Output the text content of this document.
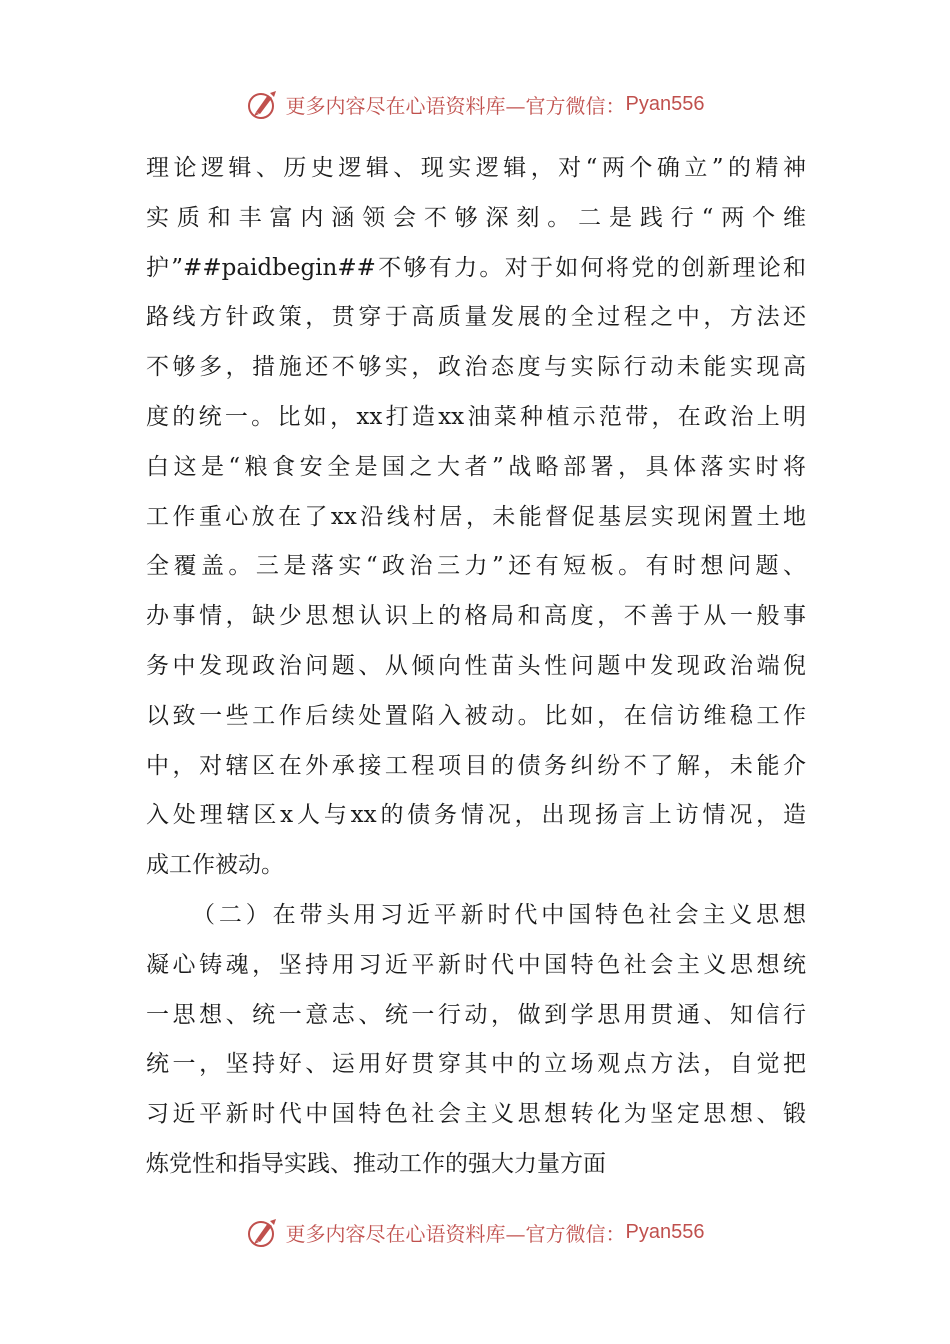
更多内容尽在心语资料库—官方微信： Pyan556
理论逻辑、历史逻辑、现实逻辑，对“两个确立”的精神
实质和丰富内涵领会不够深刻。二是践行“两个维
护”##paidbegin##不够有力。对于如何将党的创新理论和
路线方针政策，贯穿于高质量发展的全过程之中，方法还
不够多，措施还不够实，政治态度与实际行动未能实现高
度的统一。比如，xx打造xx油菜种植示范带，在政治上明
白这是“粮食安全是国之大者”战略部署，具体落实时将
工作重心放在了xx沿线村居，未能督促基层实现闲置土地
全覆盖。三是落实“政治三力”还有短板。有时想问题、
办事情，缺少思想认识上的格局和高度，不善于从一般事
务中发现政治问题、从倾向性苗头性问题中发现政治端倪
以致一些工作后续处置陷入被动。比如，在信访维稳工作
中，对辖区在外承接工程项目的债务纠纷不了解，未能介
入处理辖区x人与xx的债务情况，出现扬言上访情况，造
成工作被动。
（二）在带头用习近平新时代中国特色社会主义思想
凝心铸魂，坚持用习近平新时代中国特色社会主义思想统
一思想、统一意志、统一行动，做到学思用贯通、知信行
统一，坚持好、运用好贯穿其中的立场观点方法，自觉把
习近平新时代中国特色社会主义思想转化为坚定思想、锻
炼党性和指导实践、推动工作的强大力量方面
更多内容尽在心语资料库—官方微信： Pyan556
